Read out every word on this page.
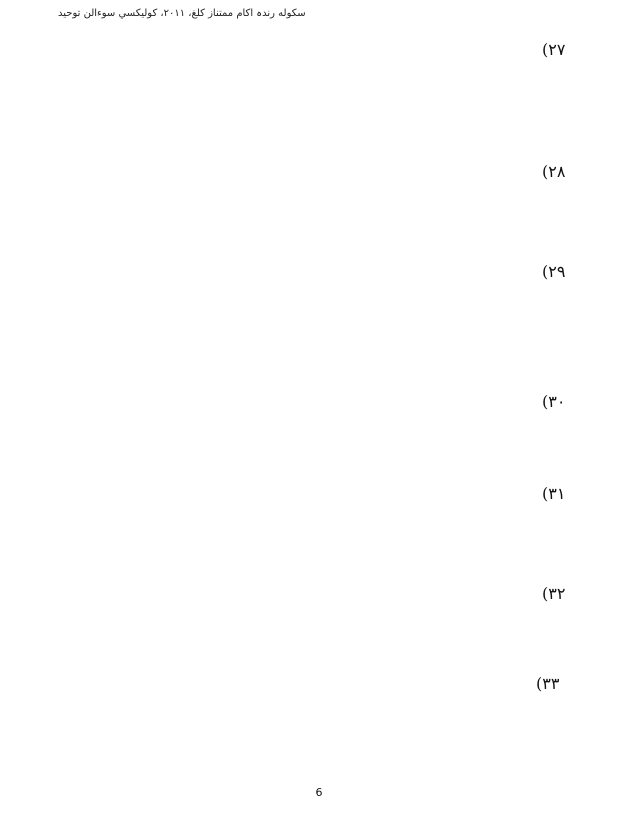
سکوله رندہ اکام ممتناز کلغ، ٢٠١١، کوليکسي سوءالن توحيد
(٢٧
(٢٨
(٢٩
(٣٠
(٣١
(٣٢
(٣٣
6
